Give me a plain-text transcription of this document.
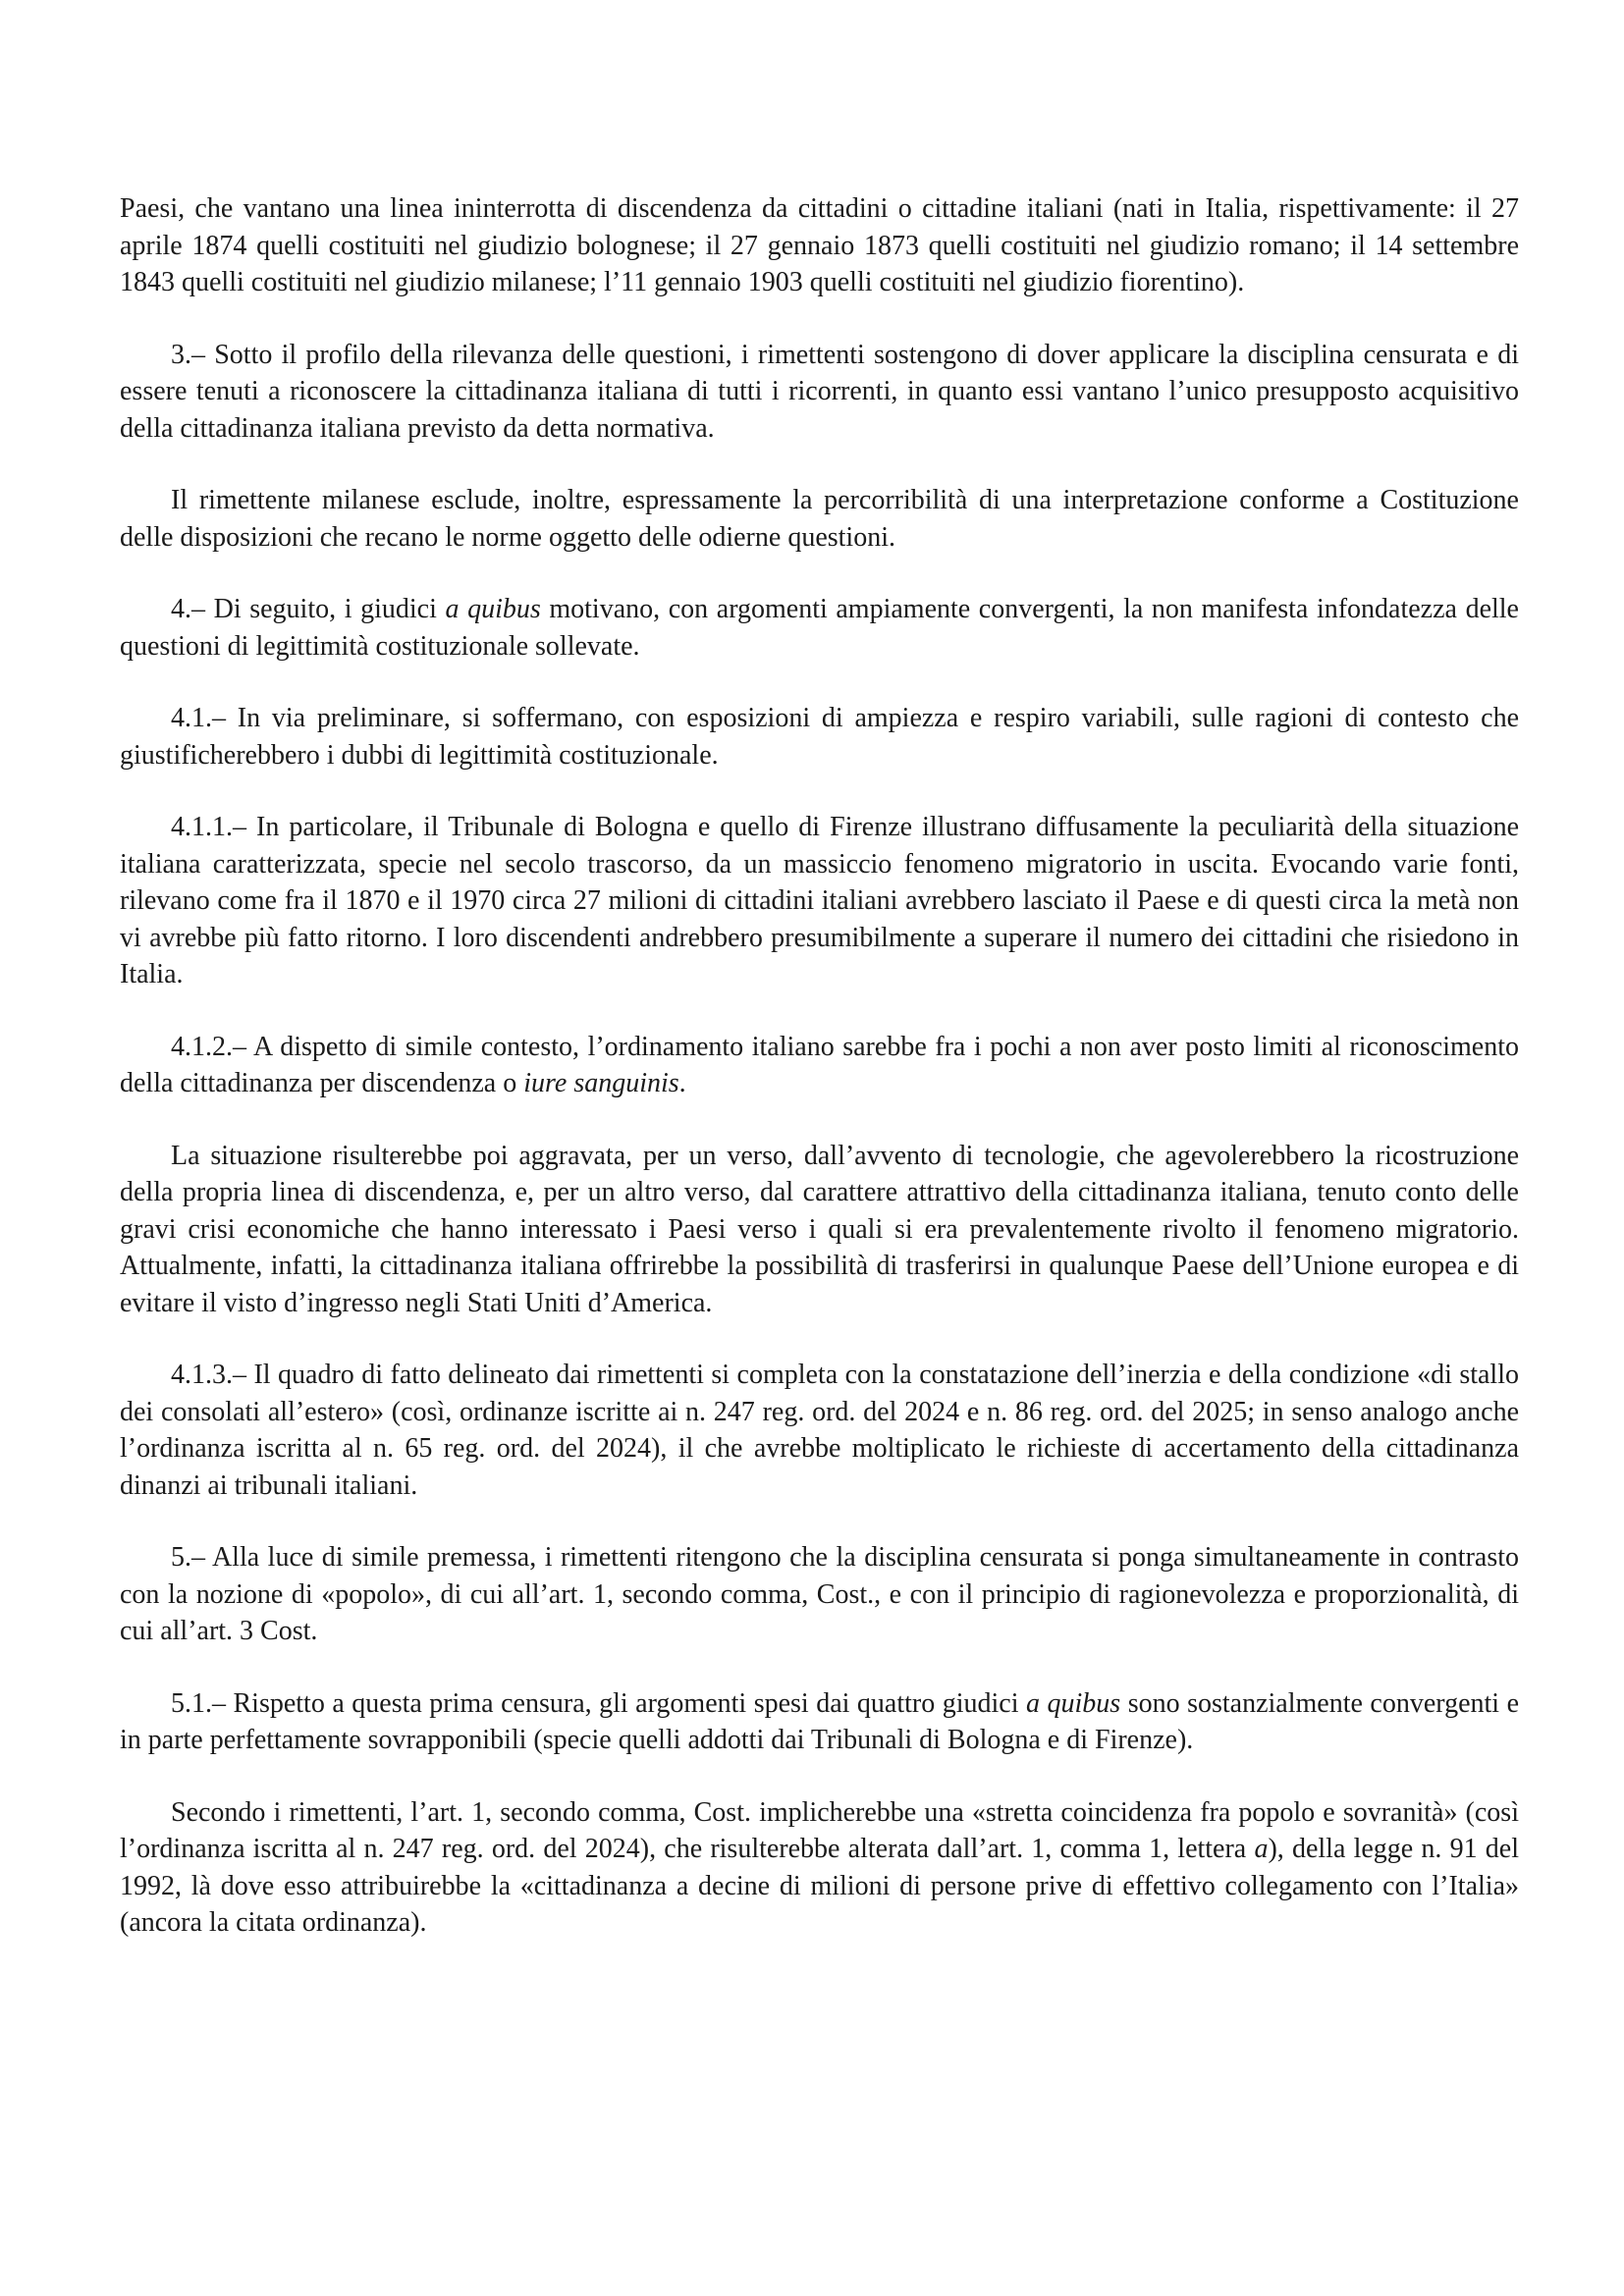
Paesi, che vantano una linea ininterrotta di discendenza da cittadini o cittadine italiani (nati in Italia, rispettivamente: il 27 aprile 1874 quelli costituiti nel giudizio bolognese; il 27 gennaio 1873 quelli costituiti nel giudizio romano; il 14 settembre 1843 quelli costituiti nel giudizio milanese; l’11 gennaio 1903 quelli costituiti nel giudizio fiorentino).

3.– Sotto il profilo della rilevanza delle questioni, i rimettenti sostengono di dover applicare la disciplina censurata e di essere tenuti a riconoscere la cittadinanza italiana di tutti i ricorrenti, in quanto essi vantano l’unico presupposto acquisitivo della cittadinanza italiana previsto da detta normativa.

Il rimettente milanese esclude, inoltre, espressamente la percorribilità di una interpretazione conforme a Costituzione delle disposizioni che recano le norme oggetto delle odierne questioni.

4.– Di seguito, i giudici a quibus motivano, con argomenti ampiamente convergenti, la non manifesta infondatezza delle questioni di legittimità costituzionale sollevate.

4.1.– In via preliminare, si soffermano, con esposizioni di ampiezza e respiro variabili, sulle ragioni di contesto che giustificherebbero i dubbi di legittimità costituzionale.

4.1.1.– In particolare, il Tribunale di Bologna e quello di Firenze illustrano diffusamente la peculiarità della situazione italiana caratterizzata, specie nel secolo trascorso, da un massiccio fenomeno migratorio in uscita. Evocando varie fonti, rilevano come fra il 1870 e il 1970 circa 27 milioni di cittadini italiani avrebbero lasciato il Paese e di questi circa la metà non vi avrebbe più fatto ritorno. I loro discendenti andrebbero presumibilmente a superare il numero dei cittadini che risiedono in Italia.

4.1.2.– A dispetto di simile contesto, l’ordinamento italiano sarebbe fra i pochi a non aver posto limiti al riconoscimento della cittadinanza per discendenza o iure sanguinis.

La situazione risulterebbe poi aggravata, per un verso, dall’avvento di tecnologie, che agevolerebbero la ricostruzione della propria linea di discendenza, e, per un altro verso, dal carattere attrattivo della cittadinanza italiana, tenuto conto delle gravi crisi economiche che hanno interessato i Paesi verso i quali si era prevalentemente rivolto il fenomeno migratorio. Attualmente, infatti, la cittadinanza italiana offrirebbe la possibilità di trasferirsi in qualunque Paese dell’Unione europea e di evitare il visto d’ingresso negli Stati Uniti d’America.

4.1.3.– Il quadro di fatto delineato dai rimettenti si completa con la constatazione dell’inerzia e della condizione «di stallo dei consolati all’estero» (così, ordinanze iscritte ai n. 247 reg. ord. del 2024 e n. 86 reg. ord. del 2025; in senso analogo anche l’ordinanza iscritta al n. 65 reg. ord. del 2024), il che avrebbe moltiplicato le richieste di accertamento della cittadinanza dinanzi ai tribunali italiani.

5.– Alla luce di simile premessa, i rimettenti ritengono che la disciplina censurata si ponga simultaneamente in contrasto con la nozione di «popolo», di cui all’art. 1, secondo comma, Cost., e con il principio di ragionevolezza e proporzionalità, di cui all’art. 3 Cost.

5.1.– Rispetto a questa prima censura, gli argomenti spesi dai quattro giudici a quibus sono sostanzialmente convergenti e in parte perfettamente sovrapponibili (specie quelli addotti dai Tribunali di Bologna e di Firenze).

Secondo i rimettenti, l’art. 1, secondo comma, Cost. implicherebbe una «stretta coincidenza fra popolo e sovranità» (così l’ordinanza iscritta al n. 247 reg. ord. del 2024), che risulterebbe alterata dall’art. 1, comma 1, lettera a), della legge n. 91 del 1992, là dove esso attribuirebbe la «cittadinanza a decine di milioni di persone prive di effettivo collegamento con l’Italia» (ancora la citata ordinanza).
